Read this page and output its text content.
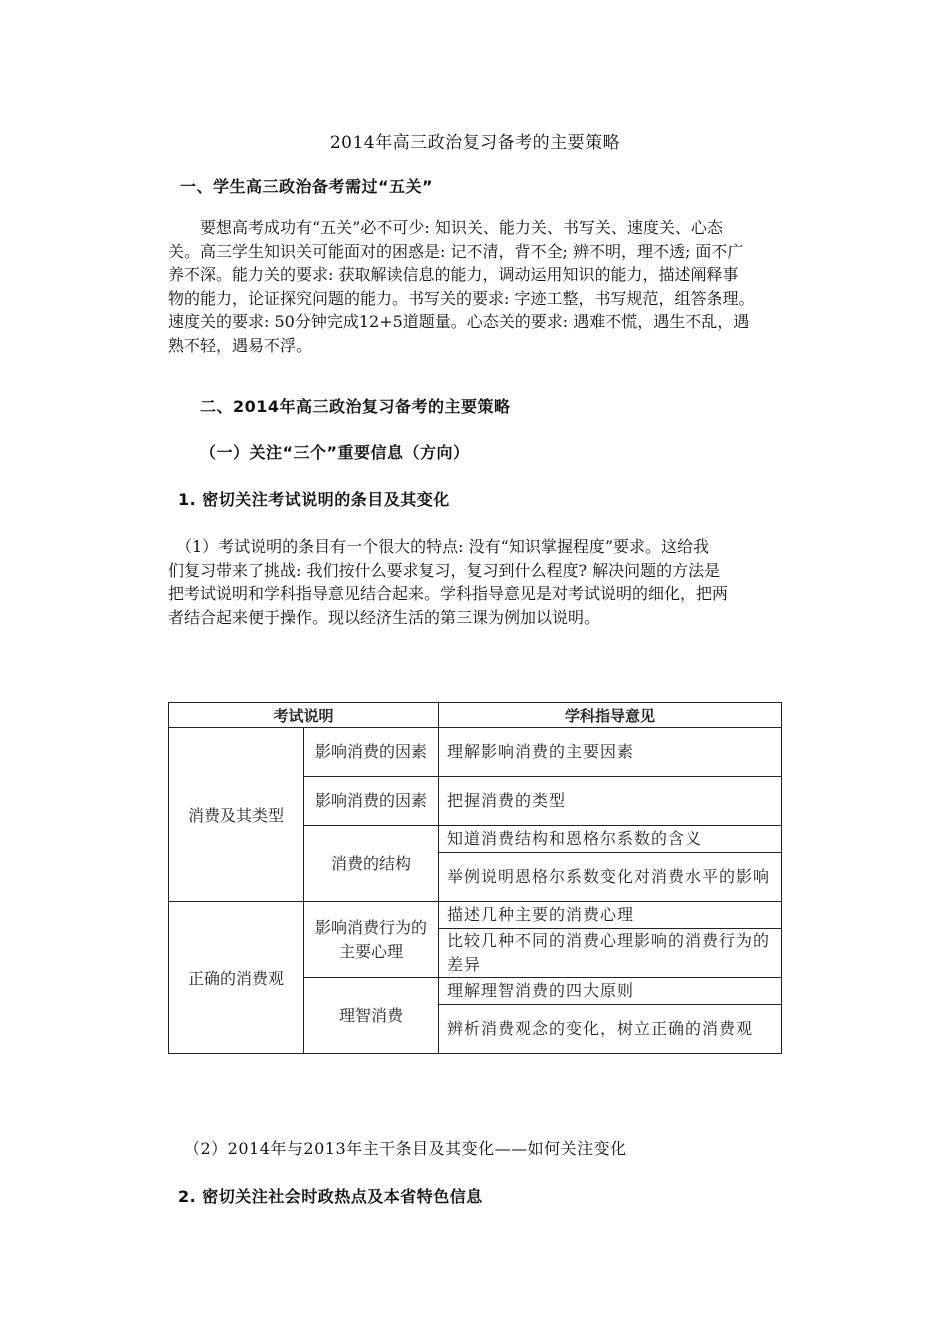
2014年高三政治复习备考的主要策略
一、学生高三政治备考需过“五关”
要想高考成功有“五关”必不可少: 知识关、能力关、书写关、速度关、心态
关。高三学生知识关可能面对的困惑是: 记不清，背不全; 辨不明，理不透; 面不广
养不深。能力关的要求: 获取解读信息的能力，调动运用知识的能力，描述阐释事
物的能力，论证探究问题的能力。书写关的要求: 字迹工整，书写规范，组答条理。
速度关的要求: 50分钟完成12+5道题量。心态关的要求: 遇难不慌，遇生不乱，遇
熟不轻，遇易不浮。
二、2014年高三政治复习备考的主要策略
（一）关注“三个”重要信息（方向）
1. 密切关注考试说明的条目及其变化
（1）考试说明的条目有一个很大的特点: 没有“知识掌握程度”要求。这给我
们复习带来了挑战: 我们按什么要求复习，复习到什么程度? 解决问题的方法是
把考试说明和学科指导意见结合起来。学科指导意见是对考试说明的细化，把两
者结合起来便于操作。现以经济生活的第三课为例加以说明。
考试说明		学科指导意见
消费及其类型	影响消费的因素	理解影响消费的主要因素
	影响消费的因素	把握消费的类型
	消费的结构	知道消费结构和恩格尔系数的含义
		举例说明恩格尔系数变化对消费水平的影响
正确的消费观	影响消费行为的主要心理	描述几种主要的消费心理
		比较几种不同的消费心理影响的消费行为的差异
	理智消费	理解理智消费的四大原则
		辨析消费观念的变化，树立正确的消费观
（2）2014年与2013年主干条目及其变化——如何关注变化
2. 密切关注社会时政热点及本省特色信息
